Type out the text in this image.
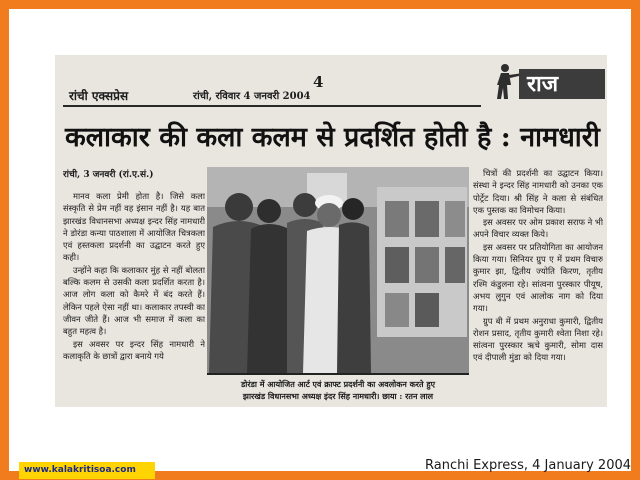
रांची एक्सप्रेस	रांची, रविवार 4 जनवरी 2004
4	राज
कलाकार की कला कलम से प्रदर्शित होती है : नामधारी
रांची, 3 जनवरी (रां.ए.सं.)

मानव कला प्रेमी होता है। जिसे कला संस्कृति से प्रेम नहीं वह इंसान नहीं है। यह बात झारखंड विधानसभा अध्यक्ष इन्दर सिंह नामधारी ने डोरंडा कन्या पाठशाला में आयोजित चित्रकला एवं हस्तकला प्रदर्शनी का उद्घाटन करते हुए कही।

उन्होंने कहा कि कलाकार मुंह से नहीं बोलता बल्कि कलम से उसकी कला प्रदर्शित करता है। आज लोग कला को कैमरे में बंद करते हैं। लेकिन पहले ऐसा नहीं था। कलाकार तपस्वी का जीवन जीते हैं। आज भी समाज में कला का बहुत महत्व है।

इस अवसर पर इन्दर सिंह नामधारी ने कलाकृति के छात्रों द्वारा बनाये गये

डोरंडा में आयोजित आर्ट एवं क्राफ्ट प्रदर्शनी का अवलोकन करते हुए
झारखंड विधानसभा अध्यक्ष इंदर सिंह नामधारी। छाया : रतन लाल

चित्रों की प्रदर्शनी का उद्घाटन किया। संस्था ने इन्दर सिंह नामधारी को उनका एक पोर्ट्रेट दिया। श्री सिंह ने कला से संबंधित एक पुस्तक का विमोचन किया।

इस अवसर पर ओम प्रकाश सराफ ने भी अपने विचार व्यक्त किये।

इस अवसर पर प्रतियोगिता का आयोजन किया गया। सिनियर ग्रुप ए में प्रथम विचारु कुमार झा, द्वितीय ज्योति किरण, तृतीय रश्मि कंडुलना रहे। सांत्वना पुरस्कार पीयूष, अभय लुगुन एवं आलोक नाग को दिया गया।

ग्रुप बी में प्रथम अनुराधा कुमारी, द्वितीय रोशन प्रसाद, तृतीय कुमारी श्वेता निशा रहे। सांत्वना पुरस्कार ऋचे कुमारी, सोमा दास एवं दीपाली मुंडा को दिया गया।

www.kalakritisoa.com	Ranchi Express, 4 January 2004
